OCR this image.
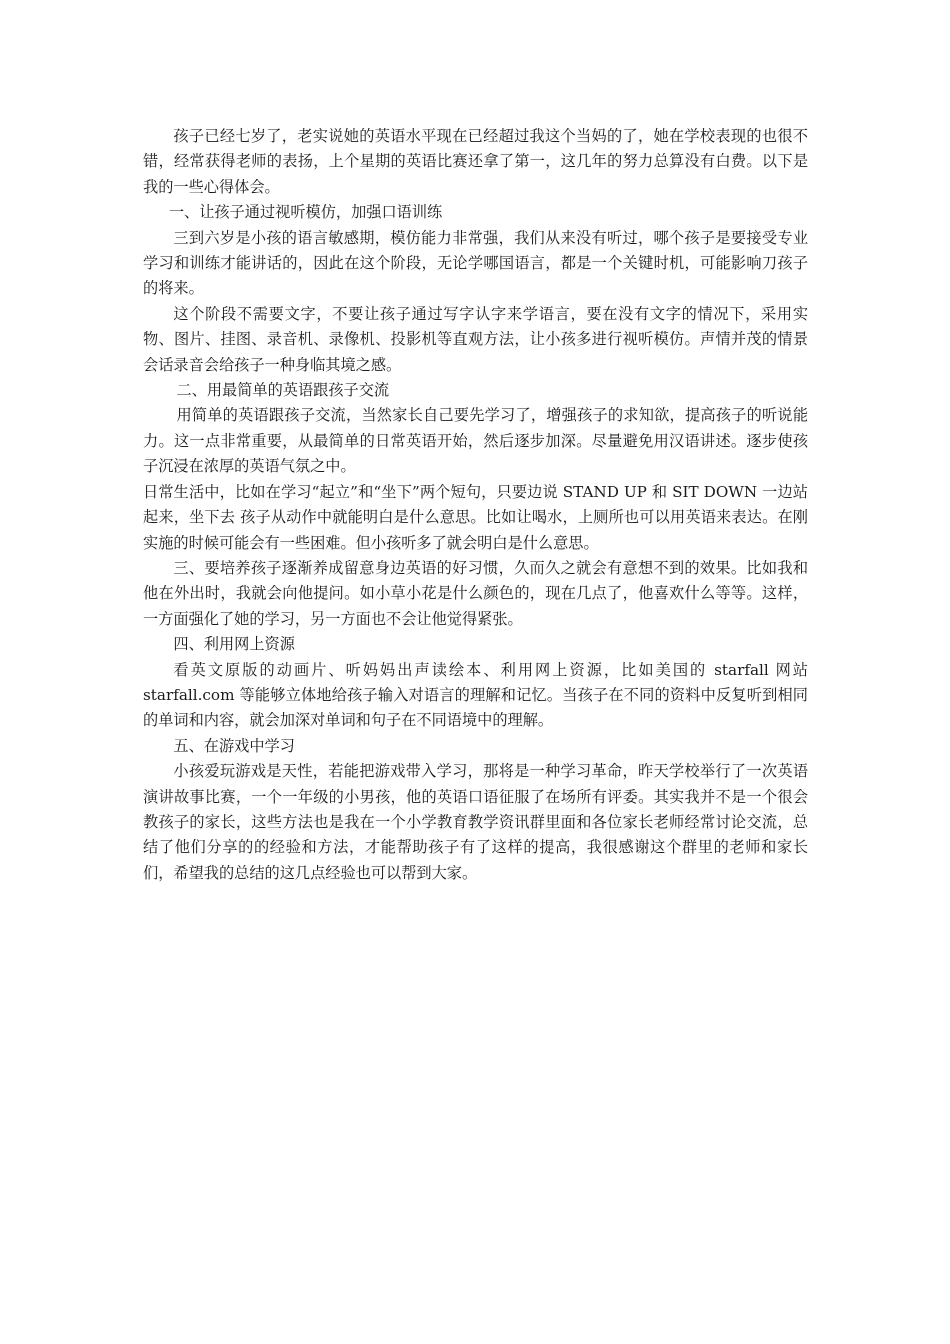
孩子已经七岁了，老实说她的英语水平现在已经超过我这个当妈的了，她在学校表现的也很不错，经常获得老师的表扬，上个星期的英语比赛还拿了第一，这几年的努力总算没有白费。以下是我的一些心得体会。

一、让孩子通过视听模仿，加强口语训练

三到六岁是小孩的语言敏感期，模仿能力非常强，我们从来没有听过，哪个孩子是要接受专业学习和训练才能讲话的，因此在这个阶段，无论学哪国语言，都是一个关键时机，可能影响刀孩子的将来。

这个阶段不需要文字，不要让孩子通过写字认字来学语言，要在没有文字的情况下，采用实物、图片、挂图、录音机、录像机、投影机等直观方法，让小孩多进行视听模仿。声情并茂的情景会话录音会给孩子一种身临其境之感。

二、用最简单的英语跟孩子交流

用简单的英语跟孩子交流，当然家长自己要先学习了，增强孩子的求知欲，提高孩子的听说能力。这一点非常重要，从最简单的日常英语开始，然后逐步加深。尽量避免用汉语讲述。逐步使孩子沉浸在浓厚的英语气氛之中。

日常生活中，比如在学习“起立”和“坐下”两个短句，只要边说 STAND UP 和 SIT DOWN 一边站起来，坐下去 孩子从动作中就能明白是什么意思。比如让喝水，上厕所也可以用英语来表达。在刚实施的时候可能会有一些困难。但小孩听多了就会明白是什么意思。

三、要培养孩子逐渐养成留意身边英语的好习惯，久而久之就会有意想不到的效果。比如我和他在外出时，我就会向他提问。如小草小花是什么颜色的，现在几点了，他喜欢什么等等。这样，一方面强化了她的学习，另一方面也不会让他觉得紧张。

四、利用网上资源

看英文原版的动画片、听妈妈出声读绘本、利用网上资源，比如美国的 starfall 网站 starfall.com 等能够立体地给孩子输入对语言的理解和记忆。当孩子在不同的资料中反复听到相同的单词和内容，就会加深对单词和句子在不同语境中的理解。

五、在游戏中学习

小孩爱玩游戏是天性，若能把游戏带入学习，那将是一种学习革命，昨天学校举行了一次英语演讲故事比赛，一个一年级的小男孩，他的英语口语征服了在场所有评委。其实我并不是一个很会教孩子的家长，这些方法也是我在一个小学教育教学资讯群里面和各位家长老师经常讨论交流，总结了他们分享的的经验和方法，才能帮助孩子有了这样的提高，我很感谢这个群里的老师和家长们，希望我的总结的这几点经验也可以帮到大家。
